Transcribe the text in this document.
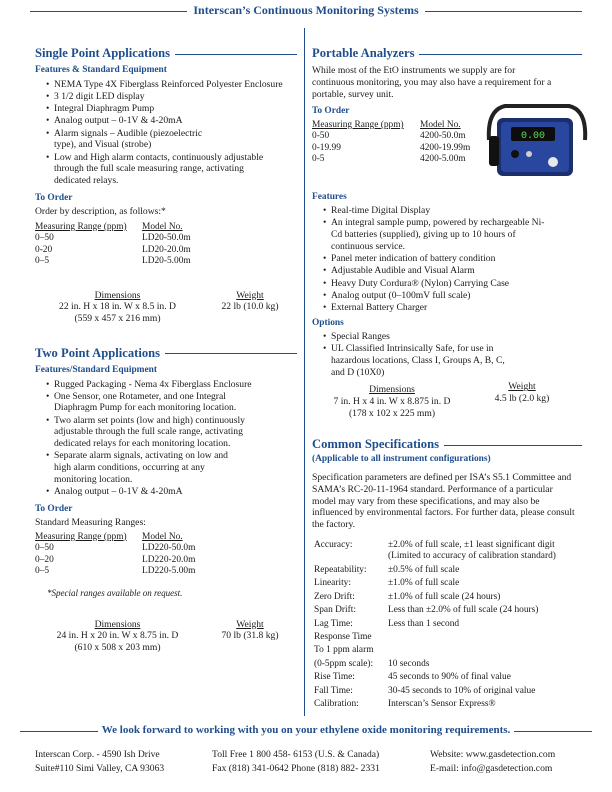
Interscan’s Continuous Monitoring Systems
Single Point Applications
Features & Standard Equipment
• NEMA Type 4X Fiberglass Reinforced Polyester Enclosure
• 3 1/2 digit LED display
• Integral Diaphragm Pump
• Analog output – 0-1V & 4-20mA
• Alarm signals – Audible (piezoelectric type), and Visual (strobe)
• Low and High alarm contacts, continuously adjustable through the full scale measuring range, activating dedicated relays.
To Order
Order by description, as follows:*
Measuring Range (ppm)	Model No.
0–50	LD20-50.0m
0-20	LD20-20.0m
0–5	LD20-5.00m
Dimensions
22 in. H x 18 in. W x 8.5 in. D
(559 x 457 x 216 mm)
Weight
22 lb (10.0 kg)
Two Point Applications
Features/Standard Equipment
• Rugged Packaging - Nema 4x Fiberglass Enclosure
• One Sensor, one Rotameter, and one Integral Diaphragm Pump for each monitoring location.
• Two alarm set points (low and high) continuously adjustable through the full scale range, activating dedicated relays for each monitoring location.
• Separate alarm signals, activating on low and high alarm conditions, occurring at any monitoring location.
• Analog output – 0-1V & 4-20mA
To Order
Standard Measuring Ranges:
Measuring Range (ppm)	Model No.
0–50	LD220-50.0m
0–20	LD220-20.0m
0–5	LD220-5.00m
*Special ranges available on request.
Dimensions
24 in. H x 20 in. W x 8.75 in. D
(610 x 508 x 203 mm)
Weight
70 lb (31.8 kg)
Portable Analyzers
While most of the EtO instruments we supply are for continuous monitoring, you may also have a requirement for a portable, survey unit.
To Order
Measuring Range (ppm)	Model No.
0-50	4200-50.0m
0-19.99	4200-19.99m
0-5	4200-5.00m
Features
• Real-time Digital Display
• An integral sample pump, powered by rechargeable Ni-Cd batteries (supplied), giving up to 10 hours of continuous service.
• Panel meter indication of battery condition
• Adjustable Audible and Visual Alarm
• Heavy Duty Cordura® (Nylon) Carrying Case
• Analog output (0–100mV full scale)
• External Battery Charger
Options
• Special Ranges
• UL Classified Intrinsically Safe, for use in hazardous locations, Class I, Groups A, B, C, and D (10X0)
Dimensions
7 in. H x 4 in. W x 8.875 in. D
(178 x 102 x 225 mm)
Weight
4.5 lb (2.0 kg)
Common Specifications
(Applicable to all instrument configurations)
Specification parameters are defined per ISA’s S5.1 Committee and SAMA’s RC-20-11-1964 standard. Performance of a particular model may vary from these specifications, and may also be influenced by environmental factors. For further data, please consult the factory.
Accuracy:	±2.0% of full scale, ±1 least significant digit (Limited to accuracy of calibration standard)
Repeatability:	±0.5% of full scale
Linearity:	±1.0% of full scale
Zero Drift:	±1.0% of full scale (24 hours)
Span Drift:	Less than ±2.0% of full scale (24 hours)
Lag Time:	Less than 1 second
Response Time	
To 1 ppm alarm	
(0-5ppm scale):	10 seconds
Rise Time:	45 seconds to 90% of final value
Fall Time:	30-45 seconds to 10% of original value
Calibration:	Interscan’s Sensor Express®
0.00
We look forward to working with you on your ethylene oxide monitoring requirements.
Interscan Corp. - 4590 Ish Drive
Suite#110 Simi Valley, CA 93063
Toll Free 1 800 458- 6153 (U.S. & Canada)
Fax (818) 341-0642 Phone (818) 882- 2331
Website: www.gasdetection.com
E-mail: info@gasdetection.com
